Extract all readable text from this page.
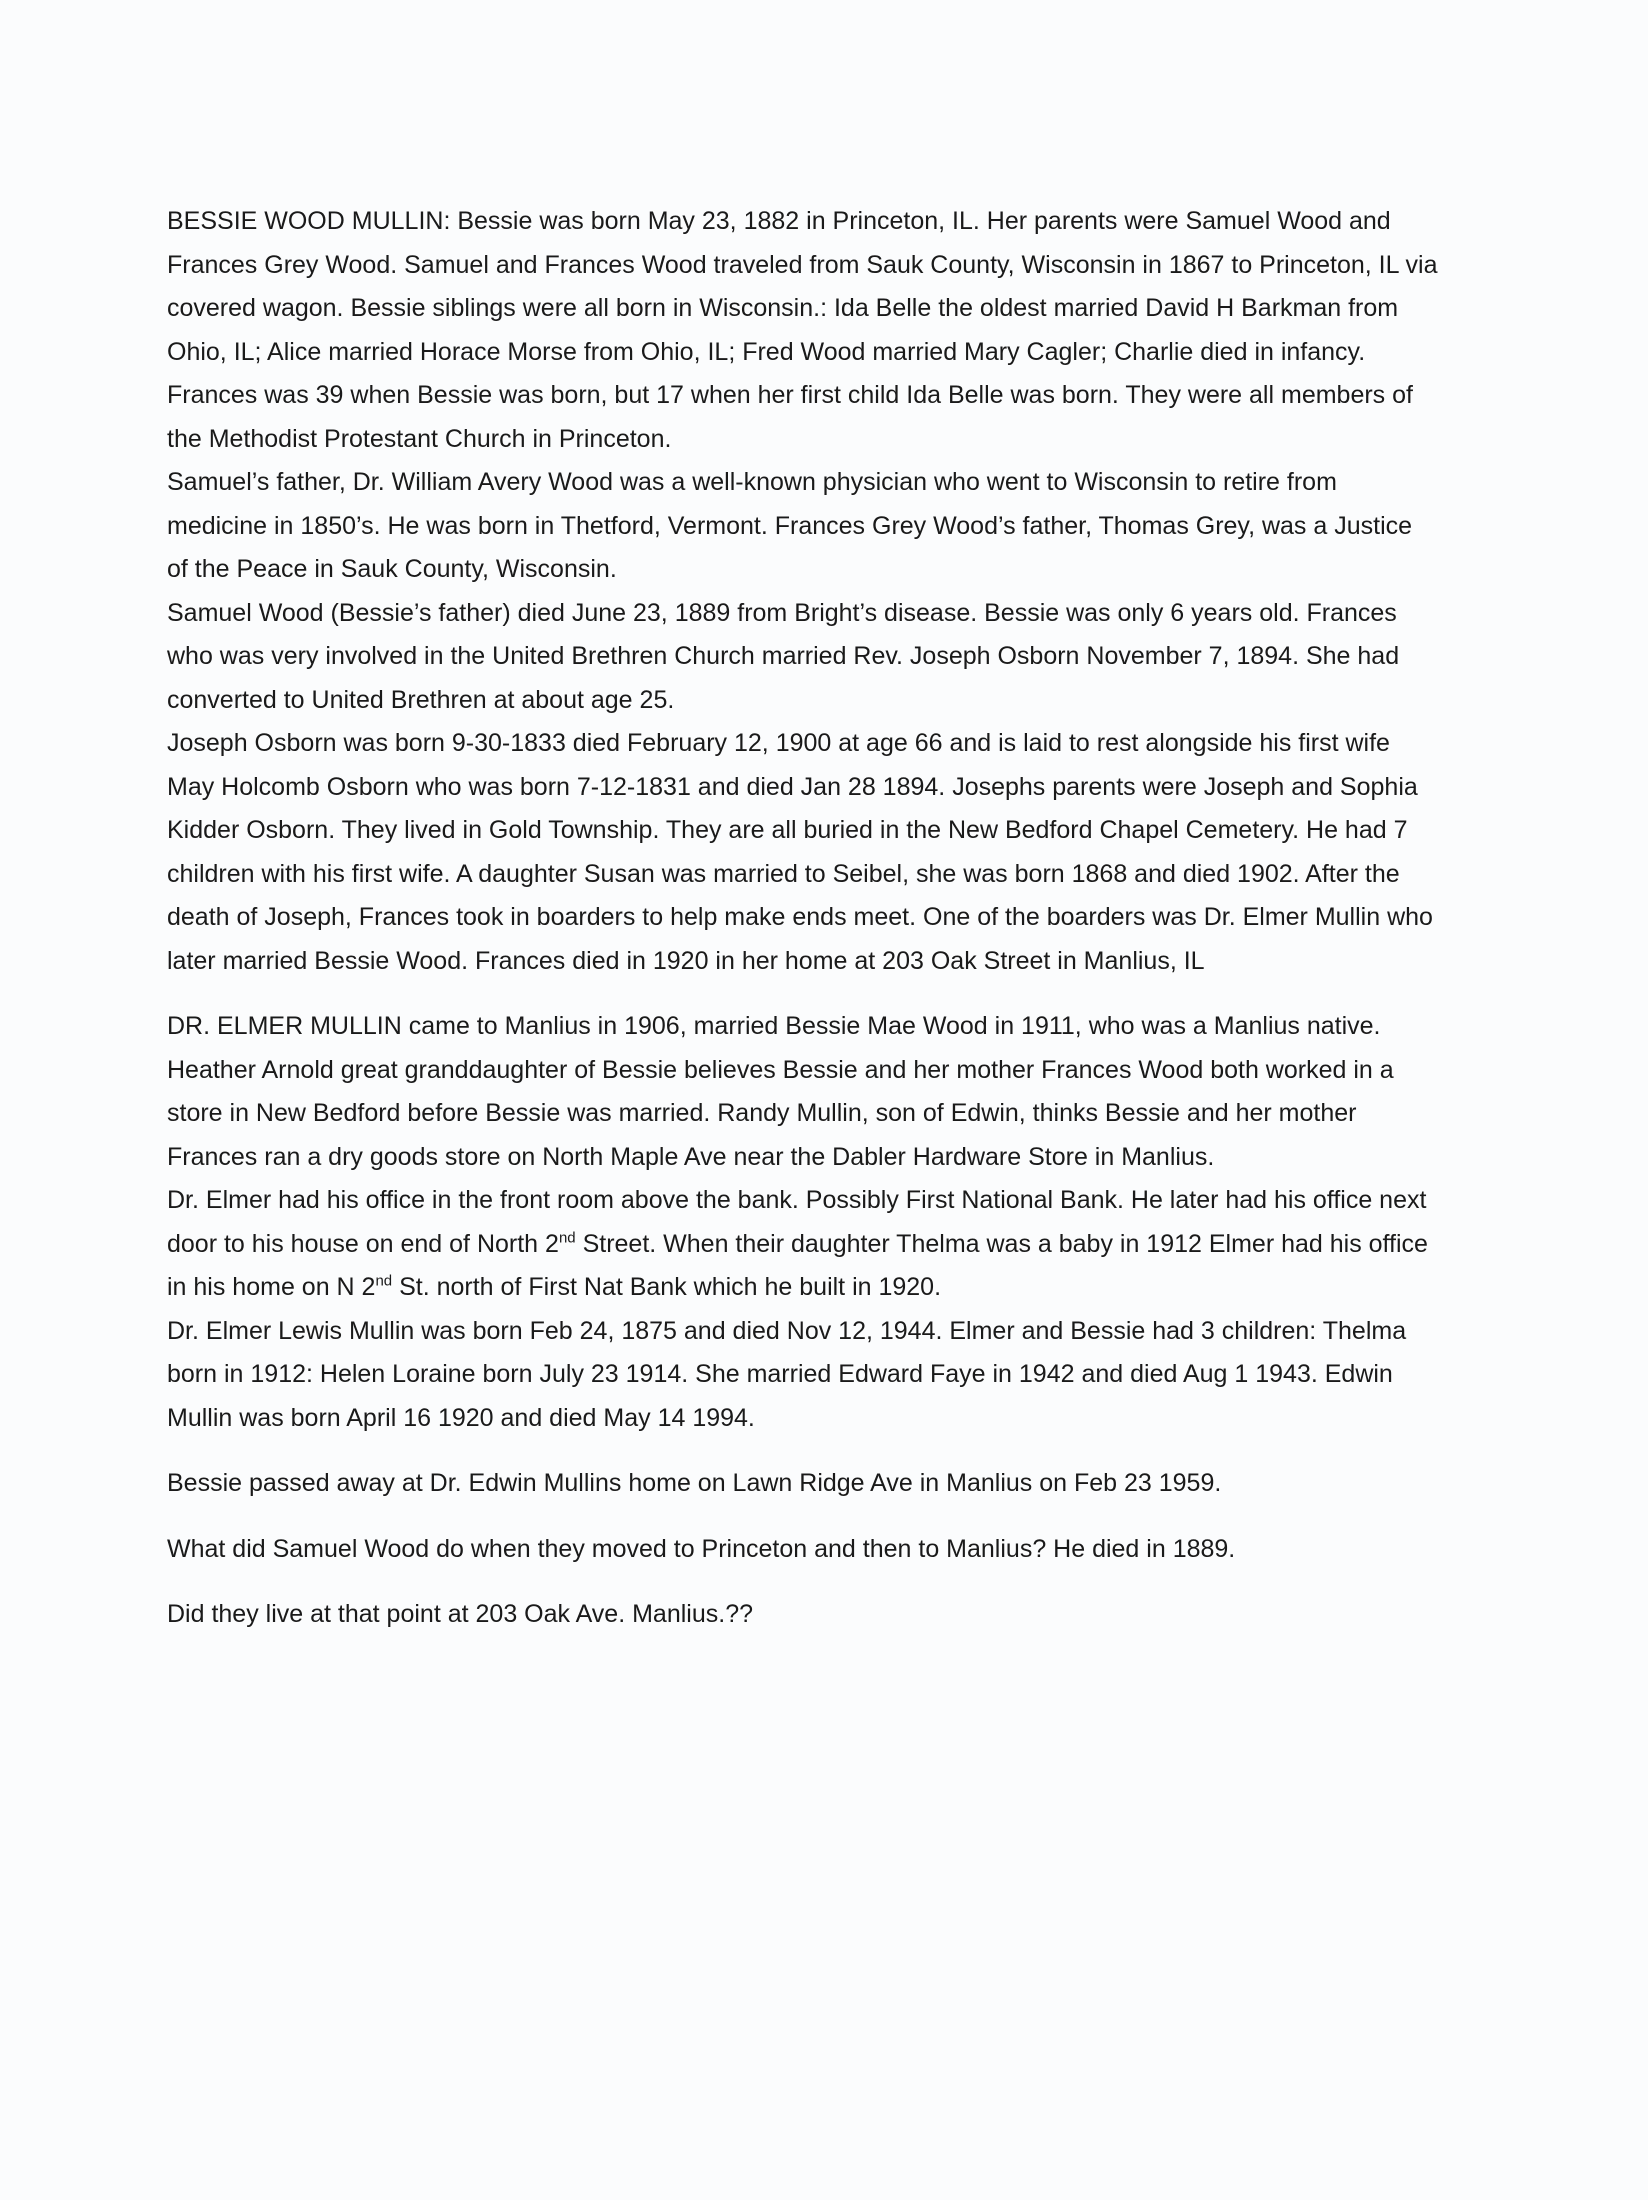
BESSIE WOOD MULLIN: Bessie was born May 23, 1882 in Princeton, IL. Her parents were Samuel Wood and Frances Grey Wood. Samuel and Frances Wood traveled from Sauk County, Wisconsin in 1867 to Princeton, IL via covered wagon. Bessie siblings were all born in Wisconsin.: Ida Belle the oldest married David H Barkman from Ohio, IL; Alice married Horace Morse from Ohio, IL; Fred Wood married Mary Cagler; Charlie died in infancy. Frances was 39 when Bessie was born, but 17 when her first child Ida Belle was born. They were all members of the Methodist Protestant Church in Princeton.

Samuel’s father, Dr. William Avery Wood was a well-known physician who went to Wisconsin to retire from medicine in 1850’s. He was born in Thetford, Vermont. Frances Grey Wood’s father, Thomas Grey, was a Justice of the Peace in Sauk County, Wisconsin.

Samuel Wood (Bessie’s father) died June 23, 1889 from Bright’s disease. Bessie was only 6 years old. Frances who was very involved in the United Brethren Church married Rev. Joseph Osborn November 7, 1894. She had converted to United Brethren at about age 25.

Joseph Osborn was born 9-30-1833 died February 12, 1900 at age 66 and is laid to rest alongside his first wife May Holcomb Osborn who was born 7-12-1831 and died Jan 28 1894. Josephs parents were Joseph and Sophia Kidder Osborn. They lived in Gold Township. They are all buried in the New Bedford Chapel Cemetery. He had 7 children with his first wife. A daughter Susan was married to Seibel, she was born 1868 and died 1902. After the death of Joseph, Frances took in boarders to help make ends meet. One of the boarders was Dr. Elmer Mullin who later married Bessie Wood. Frances died in 1920 in her home at 203 Oak Street in Manlius, IL

DR. ELMER MULLIN came to Manlius in 1906, married Bessie Mae Wood in 1911, who was a Manlius native. Heather Arnold great granddaughter of Bessie believes Bessie and her mother Frances Wood both worked in a store in New Bedford before Bessie was married. Randy Mullin, son of Edwin, thinks Bessie and her mother Frances ran a dry goods store on North Maple Ave near the Dabler Hardware Store in Manlius.

Dr. Elmer had his office in the front room above the bank. Possibly First National Bank. He later had his office next door to his house on end of North 2nd Street. When their daughter Thelma was a baby in 1912 Elmer had his office in his home on N 2nd St. north of First Nat Bank which he built in 1920.

Dr. Elmer Lewis Mullin was born Feb 24, 1875 and died Nov 12, 1944. Elmer and Bessie had 3 children: Thelma born in 1912: Helen Loraine born July 23 1914. She married Edward Faye in 1942 and died Aug 1 1943. Edwin Mullin was born April 16 1920 and died May 14 1994.

Bessie passed away at Dr. Edwin Mullins home on Lawn Ridge Ave in Manlius on Feb 23 1959.

What did Samuel Wood do when they moved to Princeton and then to Manlius? He died in 1889.

Did they live at that point at 203 Oak Ave. Manlius.??
